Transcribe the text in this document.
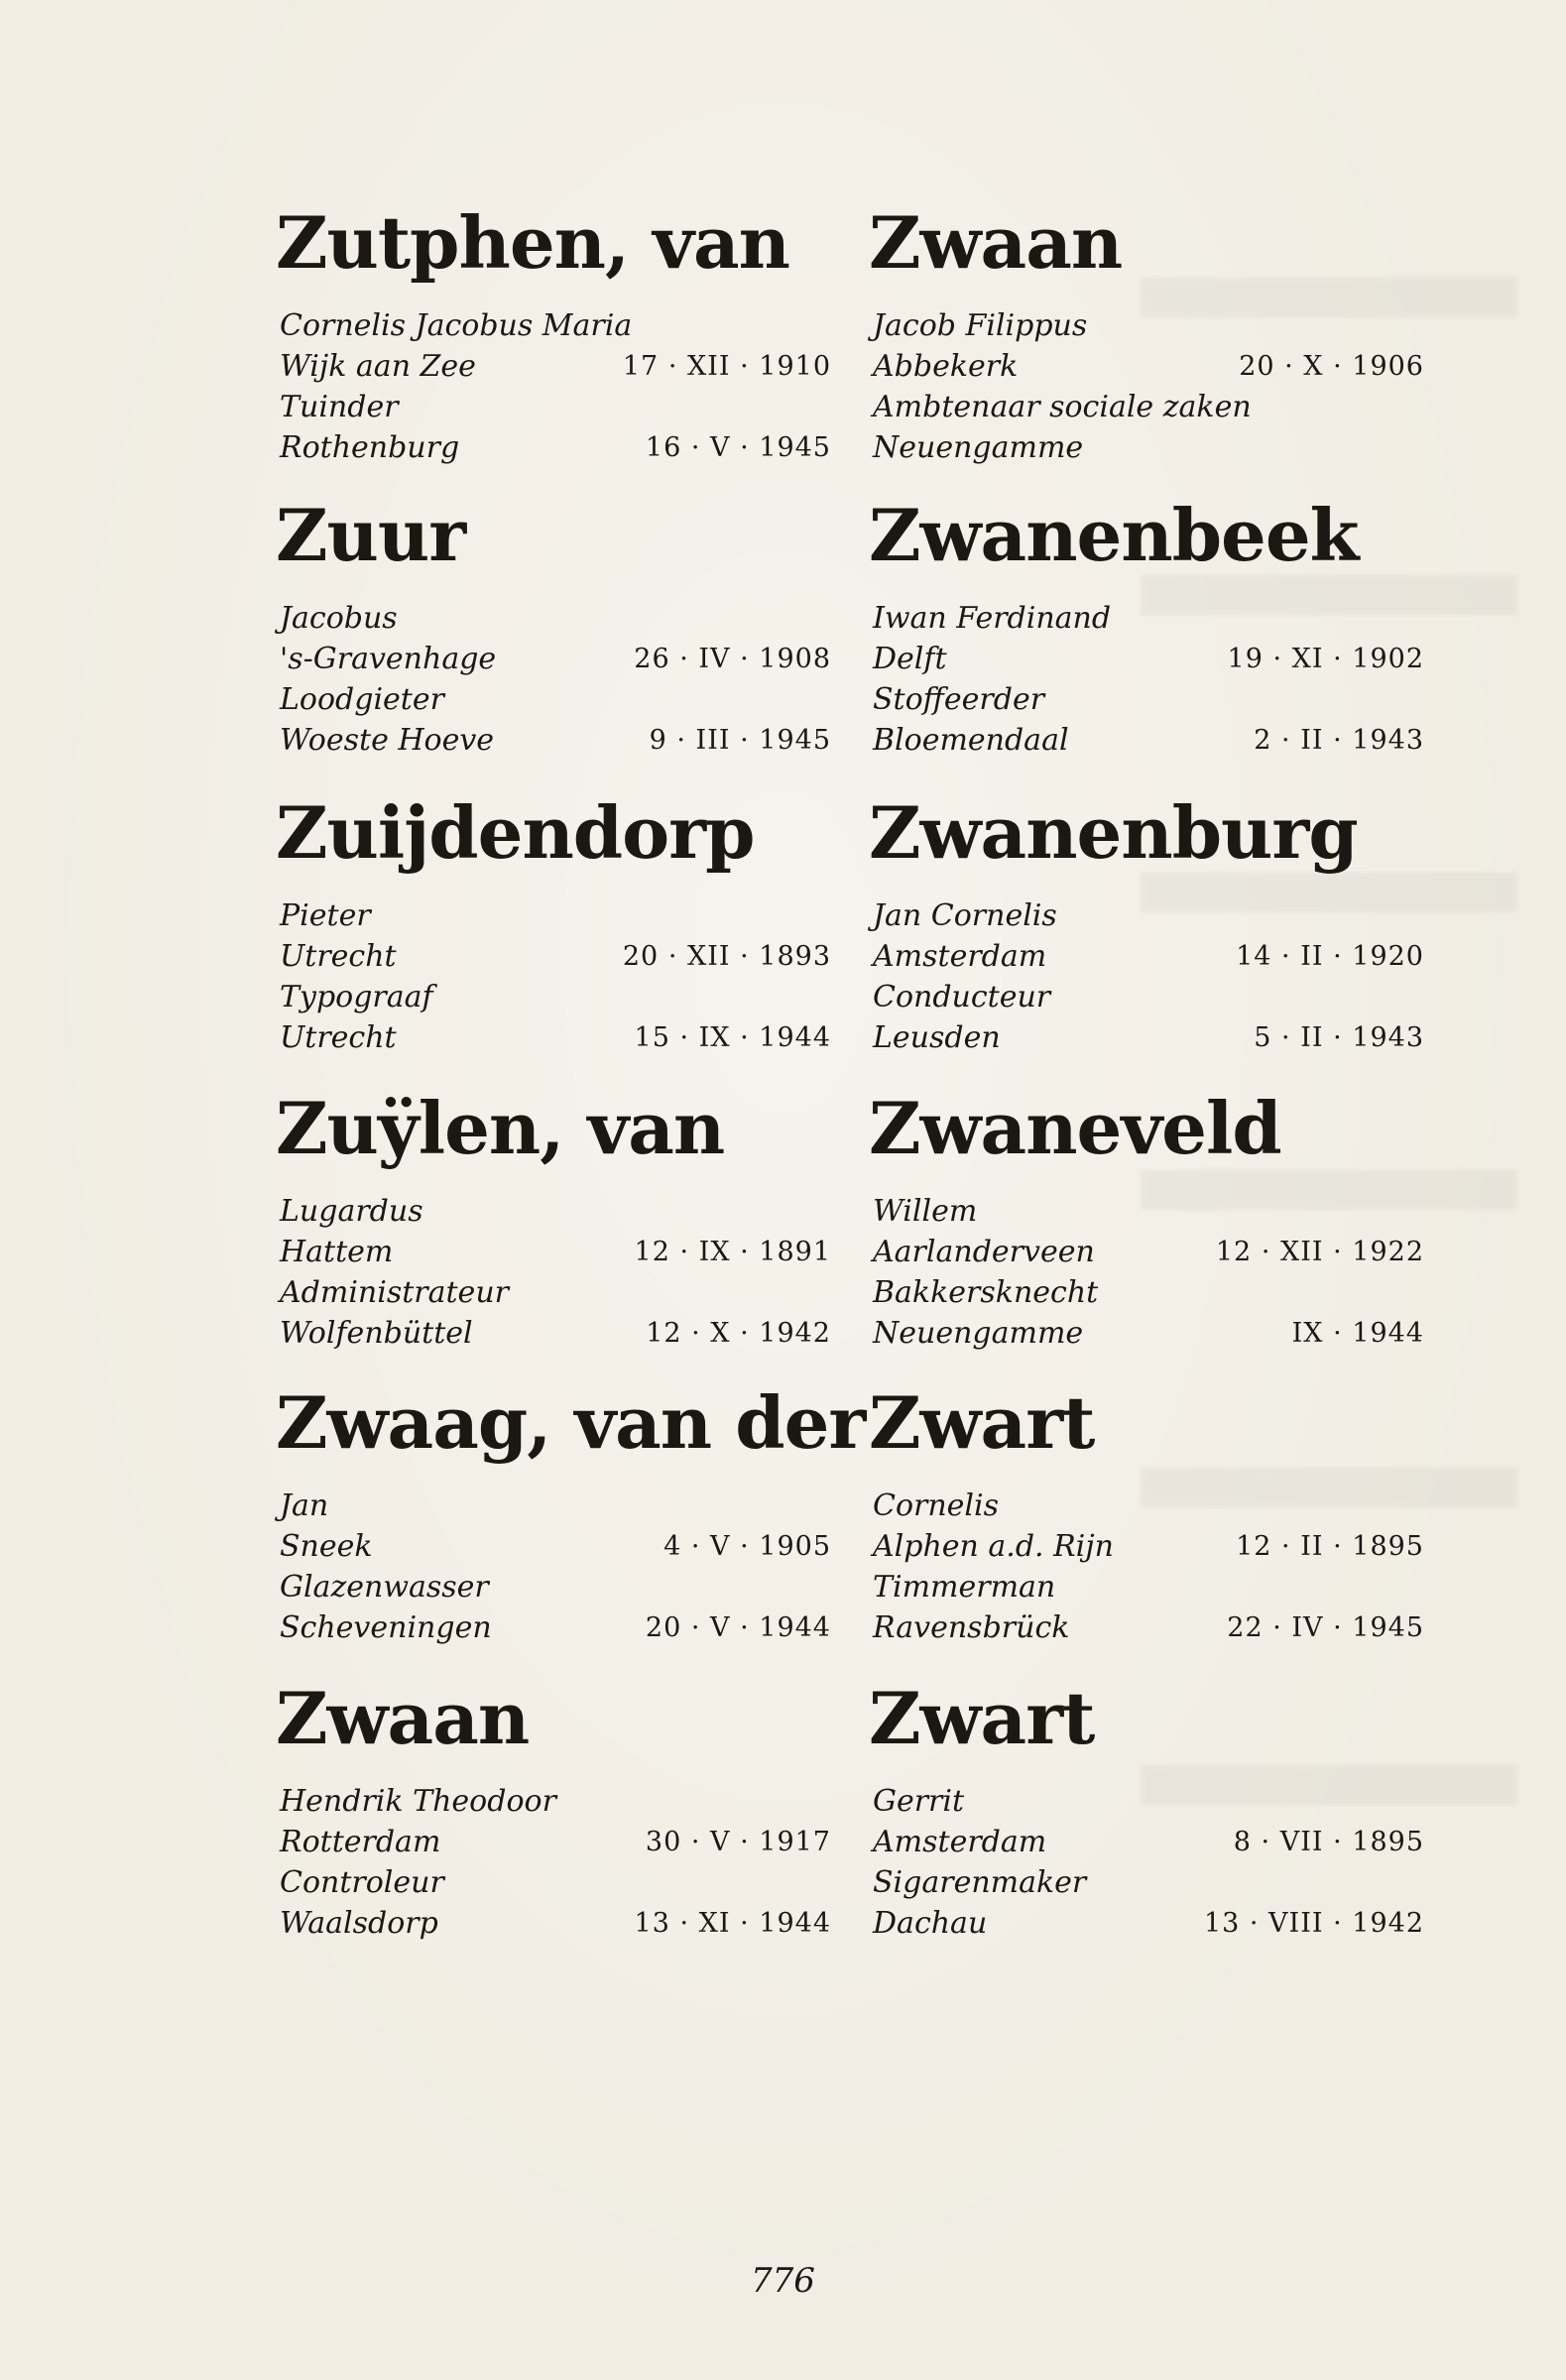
Zutphen, van
Cornelis Jacobus Maria
Wijk aan Zee	17 · XII · 1910
Tuinder
Rothenburg	16 · V · 1945
Zuur
Jacobus
's-Gravenhage	26 · IV · 1908
Loodgieter
Woeste Hoeve	9 · III · 1945
Zuijdendorp
Pieter
Utrecht	20 · XII · 1893
Typograaf
Utrecht	15 · IX · 1944
Zuÿlen, van
Lugardus
Hattem	12 · IX · 1891
Administrateur
Wolfenbüttel	12 · X · 1942
Zwaag, van der
Jan
Sneek	4 · V · 1905
Glazenwasser
Scheveningen	20 · V · 1944
Zwaan
Hendrik Theodoor
Rotterdam	30 · V · 1917
Controleur
Waalsdorp	13 · XI · 1944
Zwaan
Jacob Filippus
Abbekerk	20 · X · 1906
Ambtenaar sociale zaken
Neuengamme
Zwanenbeek
Iwan Ferdinand
Delft	19 · XI · 1902
Stoffeerder
Bloemendaal	2 · II · 1943
Zwanenburg
Jan Cornelis
Amsterdam	14 · II · 1920
Conducteur
Leusden	5 · II · 1943
Zwaneveld
Willem
Aarlanderveen	12 · XII · 1922
Bakkersknecht
Neuengamme	IX · 1944
Zwart
Cornelis
Alphen a.d. Rijn	12 · II · 1895
Timmerman
Ravensbrück	22 · IV · 1945
Zwart
Gerrit
Amsterdam	8 · VII · 1895
Sigarenmaker
Dachau	13 · VIII · 1942
776
